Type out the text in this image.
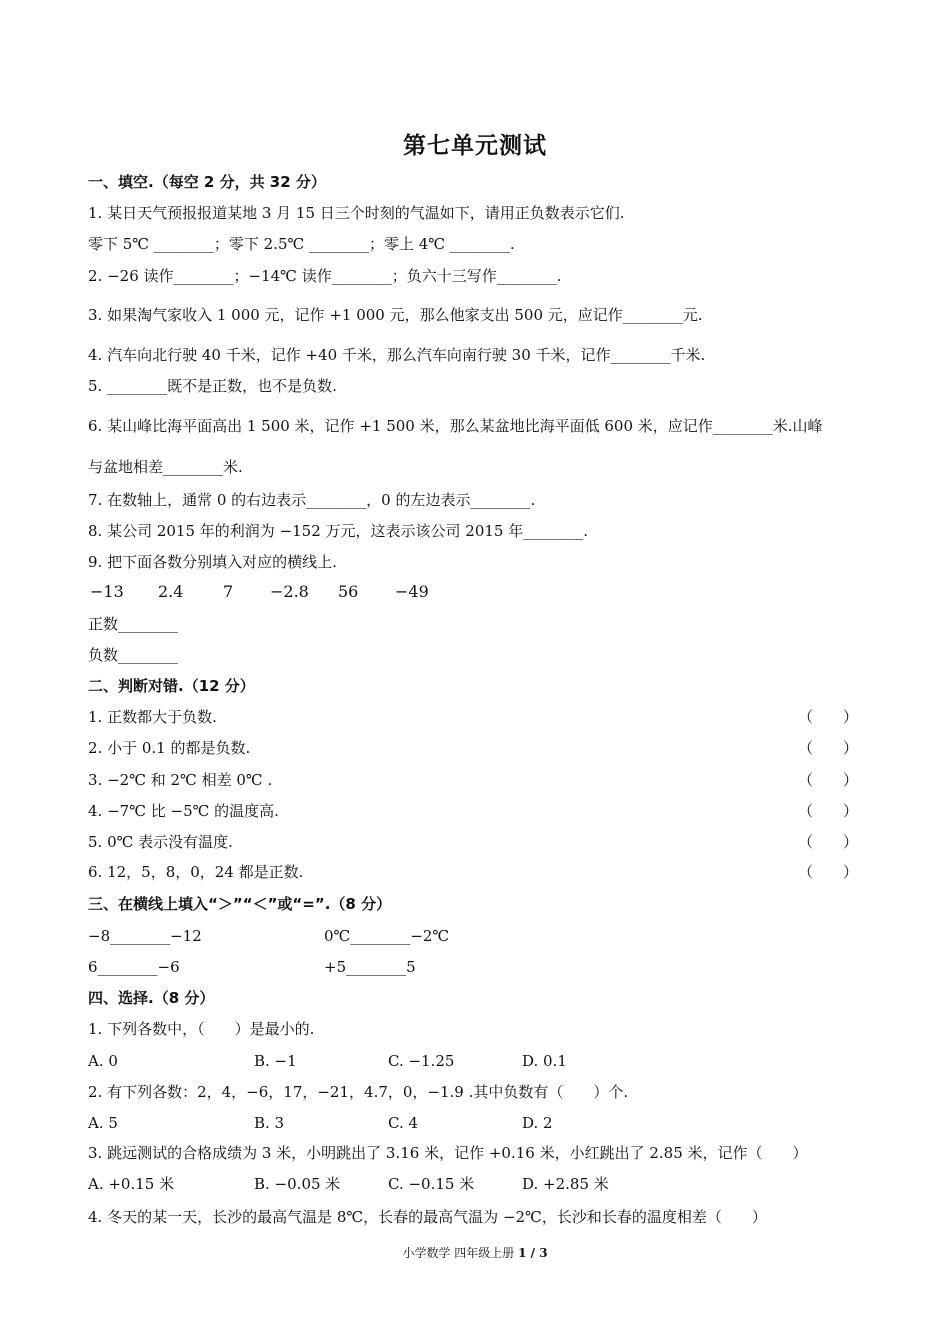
第七单元测试
一、填空.（每空 2 分，共 32 分）
1. 某日天气预报报道某地 3 月 15 日三个时刻的气温如下，请用正负数表示它们.
零下 5℃ ________；零下 2.5℃ ________；零上 4℃ ________.
2. −26 读作________；−14℃ 读作________；负六十三写作________.
3. 如果淘气家收入 1 000 元，记作 +1 000 元，那么他家支出 500 元，应记作________元.
4. 汽车向北行驶 40 千米，记作 +40 千米，那么汽车向南行驶 30 千米，记作________千米.
5. ________既不是正数，也不是负数.
6. 某山峰比海平面高出 1 500 米，记作 +1 500 米，那么某盆地比海平面低 600 米，应记作________米.山峰
与盆地相差________米.
7. 在数轴上，通常 0 的右边表示________，0 的左边表示________.
8. 某公司 2015 年的利润为 −152 万元，这表示该公司 2015 年________.
9. 把下面各数分别填入对应的横线上.
−13 2.4 7 −2.8 56 −49
正数________
负数________
二、判断对错.（12 分）
1. 正数都大于负数.	（　　）
2. 小于 0.1 的都是负数.	（　　）
3. −2℃ 和 2℃ 相差 0℃ .	（　　）
4. −7℃ 比 −5℃ 的温度高.	（　　）
5. 0℃ 表示没有温度.	（　　）
6. 12，5，8，0，24 都是正数.	（　　）
三、在横线上填入“＞”“＜”或“=”.（8 分）
−8________−12	0℃________−2℃
6________−6	+5________5
四、选择.（8 分）
1. 下列各数中，（　　）是最小的.
A. 0	B. −1	C. −1.25	D. 0.1
2. 有下列各数：2，4，−6，17，−21，4.7，0，−1.9 .其中负数有（　　）个.
A. 5	B. 3	C. 4	D. 2
3. 跳远测试的合格成绩为 3 米，小明跳出了 3.16 米，记作 +0.16 米，小红跳出了 2.85 米，记作（　　）
A. +0.15 米	B. −0.05 米	C. −0.15 米	D. +2.85 米
4. 冬天的某一天，长沙的最高气温是 8℃，长春的最高气温为 −2℃，长沙和长春的温度相差（　　）
小学数学 四年级上册 1 / 3
